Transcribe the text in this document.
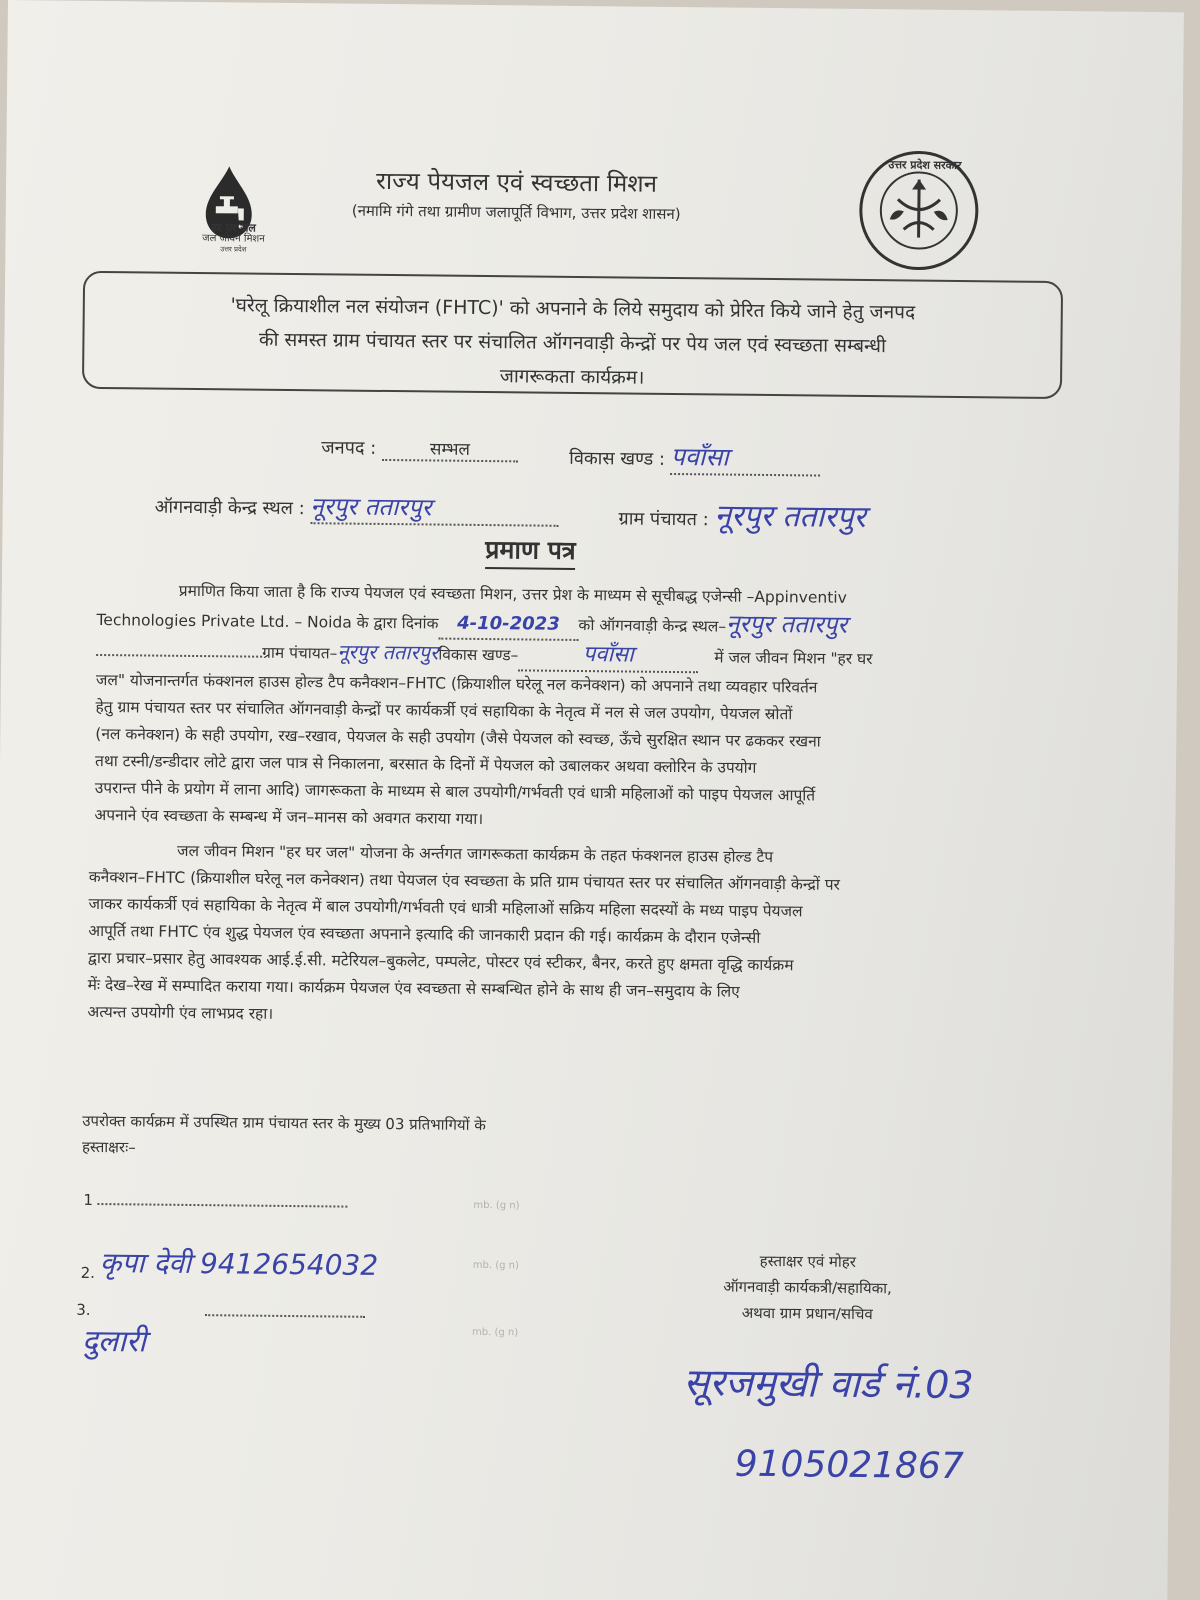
हर घर जल
जल जीवन मिशन
उत्तर प्रदेश
राज्य पेयजल एवं स्वच्छता मिशन
(नमामि गंगे तथा ग्रामीण जलापूर्ति विभाग, उत्तर प्रदेश शासन)
उत्तर प्रदेश सरकार
'घरेलू क्रियाशील नल संयोजन (FHTC)' को अपनाने के लिये समुदाय को प्रेरित किये जाने हेतु जनपद
की समस्त ग्राम पंचायत स्तर पर संचालित ऑगनवाड़ी केन्द्रों पर पेय जल एवं स्वच्छता सम्बन्धी
जागरूकता कार्यक्रम।
जनपद :	सम्भल	विकास खण्ड : पवाँसा
ऑगनवाड़ी केन्द्र स्थल : नूरपुर ततारपुर	ग्राम पंचायत : नूरपुर ततारपुर
प्रमाण पत्र
प्रमाणित किया जाता है कि राज्य पेयजल एवं स्वच्छता मिशन, उत्तर प्रेश के माध्यम से सूचीबद्ध एजेन्सी –Appinventiv
Technologies Private Ltd. – Noida के द्वारा दिनांक 4-10-2023 को ऑगनवाड़ी केन्द्र स्थल–नूरपुर ततारपुर
ग्राम पंचायत–नूरपुर ततारपुरविकास खण्ड–	पवाँसा	में जल जीवन मिशन "हर घर
जल" योजनान्तर्गत फंक्शनल हाउस होल्ड टैप कनैक्शन–FHTC (क्रियाशील घरेलू नल कनेक्शन) को अपनाने तथा व्यवहार परिवर्तन
हेतु ग्राम पंचायत स्तर पर संचालित ऑगनवाड़ी केन्द्रों पर कार्यकर्त्री एवं सहायिका के नेतृत्व में नल से जल उपयोग, पेयजल स्रोतों
(नल कनेक्शन) के सही उपयोग, रख–रखाव, पेयजल के सही उपयोग (जैसे पेयजल को स्वच्छ, ऊँचे सुरक्षित स्थान पर ढककर रखना
तथा टस्नी/डन्डीदार लोटे द्वारा जल पात्र से निकालना, बरसात के दिनों में पेयजल को उबालकर अथवा क्लोरिन के उपयोग
उपरान्त पीने के प्रयोग में लाना आदि) जागरूकता के माध्यम से बाल उपयोगी/गर्भवती एवं धात्री महिलाओं को पाइप पेयजल आपूर्ति
अपनाने एंव स्वच्छता के सम्बन्ध में जन–मानस को अवगत कराया गया।
जल जीवन मिशन "हर घर जल" योजना के अर्न्तगत जागरूकता कार्यक्रम के तहत फंक्शनल हाउस होल्ड टैप
कनैक्शन–FHTC (क्रियाशील घरेलू नल कनेक्शन) तथा पेयजल एंव स्वच्छता के प्रति ग्राम पंचायत स्तर पर संचालित ऑगनवाड़ी केन्द्रों पर
जाकर कार्यकर्त्री एवं सहायिका के नेतृत्व में बाल उपयोगी/गर्भवती एवं धात्री महिलाओं सक्रिय महिला सदस्यों के मध्य पाइप पेयजल
आपूर्ति तथा FHTC एंव शुद्ध पेयजल एंव स्वच्छता अपनाने इत्यादि की जानकारी प्रदान की गई। कार्यक्रम के दौरान एजेन्सी
द्वारा प्रचार–प्रसार हेतु आवश्यक आई.ई.सी. मटेरियल–बुकलेट, पम्पलेट, पोस्टर एवं स्टीकर, बैनर, करते हुए क्षमता वृद्धि कार्यक्रम
मेंः देख–रेख में सम्पादित कराया गया। कार्यक्रम पेयजल एंव स्वच्छता से सम्बन्धित होने के साथ ही जन–समुदाय के लिए
अत्यन्त उपयोगी एंव लाभप्रद रहा।
उपरोक्त कार्यक्रम में उपस्थित ग्राम पंचायत स्तर के मुख्य 03 प्रतिभागियों के
हस्ताक्षरः–
1	mb. (g n)
2. कृपा देवी 9412654032	mb. (g n)
3.
दुलारी	mb. (g n)
हस्ताक्षर एवं मोहर
ऑगनवाड़ी कार्यकत्री/सहायिका,
अथवा ग्राम प्रधान/सचिव
सूरजमुखी वार्ड नं.03
9105021867
